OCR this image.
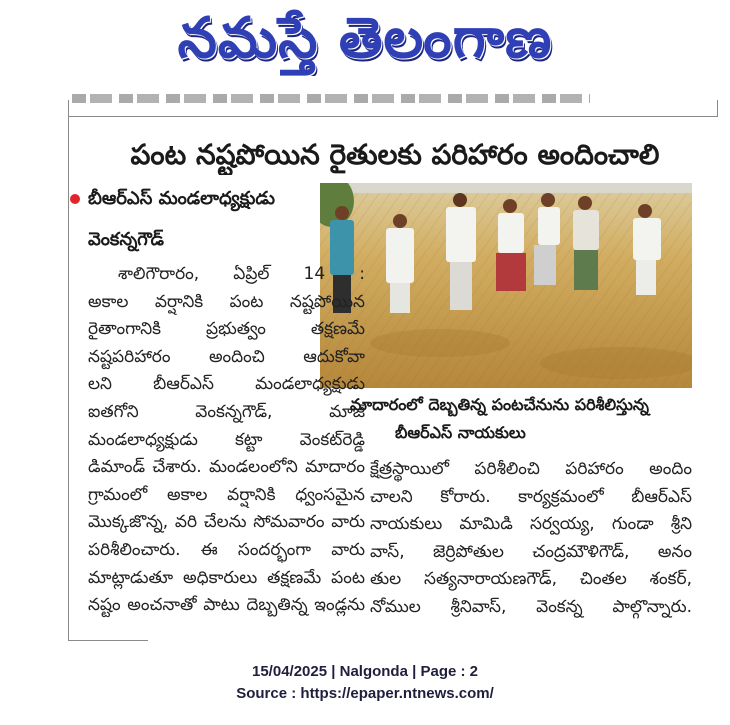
నమస్తే తెలంగాణ
పంట నష్టపోయిన రైతులకు పరిహారం అందించాలి
బీఆర్ఎస్ మండలాధ్యక్షుడు
వెంకన్నగౌడ్
మాదారంలో దెబ్బతిన్న పంటచేనును పరిశీలిస్తున్న
బీఆర్ఎస్ నాయకులు
శాలిగౌరారం, ఏప్రిల్ 14 :
అకాల వర్షానికి పంట నష్టపోయిన
రైతాంగానికి ప్రభుత్వం తక్షణమే
నష్టపరిహారం అందించి ఆదుకోవా
లని బీఆర్ఎస్ మండలాధ్యక్షుడు
ఐతగోని వెంకన్నగౌడ్, మాజీ
మండలాధ్యక్షుడు కట్టా వెంకట్‌రెడ్డి
డిమాండ్ చేశారు. మండలంలోని మాదారం
గ్రామంలో అకాల వర్షానికి ధ్వంసమైన
మొక్కజొన్న, వరి చేలను సోమవారం వారు
పరిశీలించారు. ఈ సందర్భంగా వారు
మాట్లాడుతూ అధికారులు తక్షణమే పంట
నష్టం అంచనాతో పాటు దెబ్బతిన్న ఇండ్లను
క్షేత్రస్థాయిలో పరిశీలించి పరిహారం అందిం
చాలని కోరారు. కార్యక్రమంలో బీఆర్ఎస్
నాయకులు మామిడి సర్వయ్య, గుండా శ్రీని
వాస్, జెర్రిపోతుల చంద్రమౌళిగౌడ్, అనం
తుల సత్యనారాయణగౌడ్, చింతల శంకర్,
నోముల శ్రీనివాస్, వెంకన్న పాల్గొన్నారు.
15/04/2025 | Nalgonda | Page : 2
Source : https://epaper.ntnews.com/
